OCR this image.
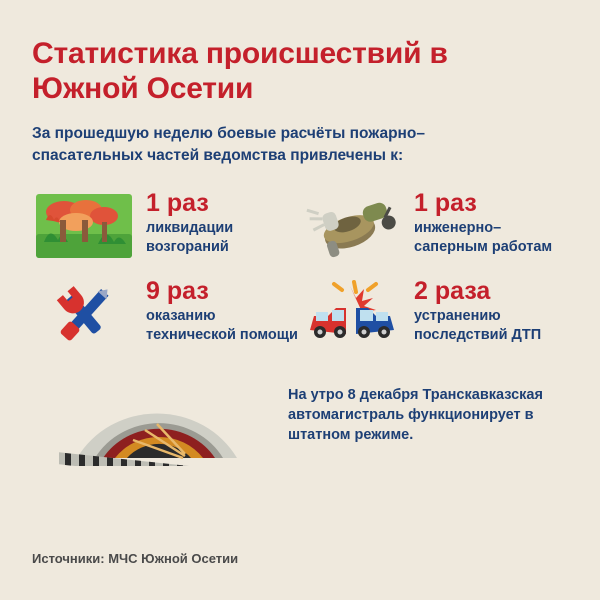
Статистика происшествий в Южной Осетии

За прошедшую неделю боевые расчёты пожарно–спасательных частей ведомства привлечены к:

1 раз
ликвидации возгораний
1 раз
инженерно– саперным работам
9 раз
оказанию технической помощи
2 раза
устранению последствий ДТП
На утро 8 декабря Транскавказская автомагистраль функционирует в штатном режиме.
Источники: МЧС Южной Осетии
